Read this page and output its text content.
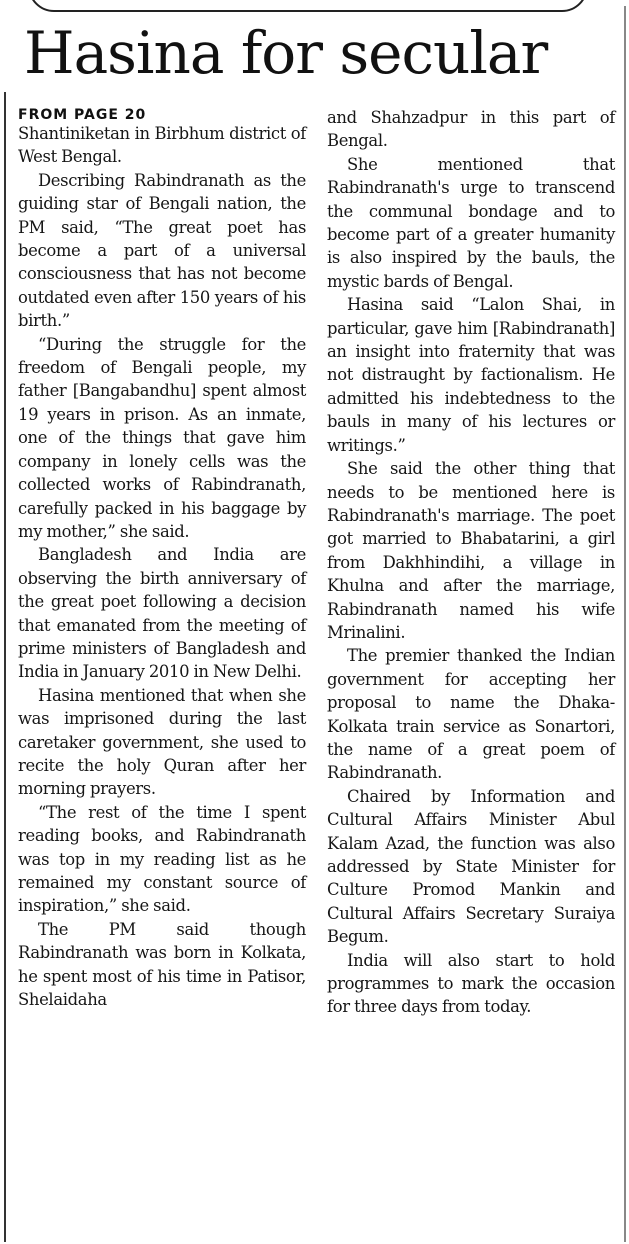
Hasina for secular
FROM PAGE 20

Shantiniketan in Birbhum district of West Bengal.

Describing Rabindranath as the guiding star of Bengali nation, the PM said, “The great poet has become a part of a universal consciousness that has not become outdated even after 150 years of his birth.”

“During the struggle for the freedom of Bengali people, my father [Bangabandhu] spent almost 19 years in prison. As an inmate, one of the things that gave him company in lonely cells was the collected works of Rabindranath, carefully packed in his baggage by my mother,” she said.

Bangladesh and India are observing the birth anniversary of the great poet following a decision that emanated from the meeting of prime ministers of Bangladesh and India in January 2010 in New Delhi.

Hasina mentioned that when she was imprisoned during the last caretaker government, she used to recite the holy Quran after her morning prayers.

“The rest of the time I spent reading books, and Rabindranath was top in my reading list as he remained my constant source of inspiration,” she said.

The PM said though Rabindranath was born in Kolkata, he spent most of his time in Patisor, Shelaidaha

and Shahzadpur in this part of Bengal.

She mentioned that Rabindranath's urge to transcend the communal bondage and to become part of a greater humanity is also inspired by the bauls, the mystic bards of Bengal.

Hasina said “Lalon Shai, in particular, gave him [Rabindranath] an insight into fraternity that was not distraught by factionalism. He admitted his indebtedness to the bauls in many of his lectures or writings.”

She said the other thing that needs to be mentioned here is Rabindranath's marriage. The poet got married to Bhabatarini, a girl from Dakhhindihi, a village in Khulna and after the marriage, Rabindranath named his wife Mrinalini.

The premier thanked the Indian government for accepting her proposal to name the Dhaka-Kolkata train service as Sonartori, the name of a great poem of Rabindranath.

Chaired by Information and Cultural Affairs Minister Abul Kalam Azad, the function was also addressed by State Minister for Culture Promod Mankin and Cultural Affairs Secretary Suraiya Begum.

India will also start to hold programmes to mark the occasion for three days from today.
